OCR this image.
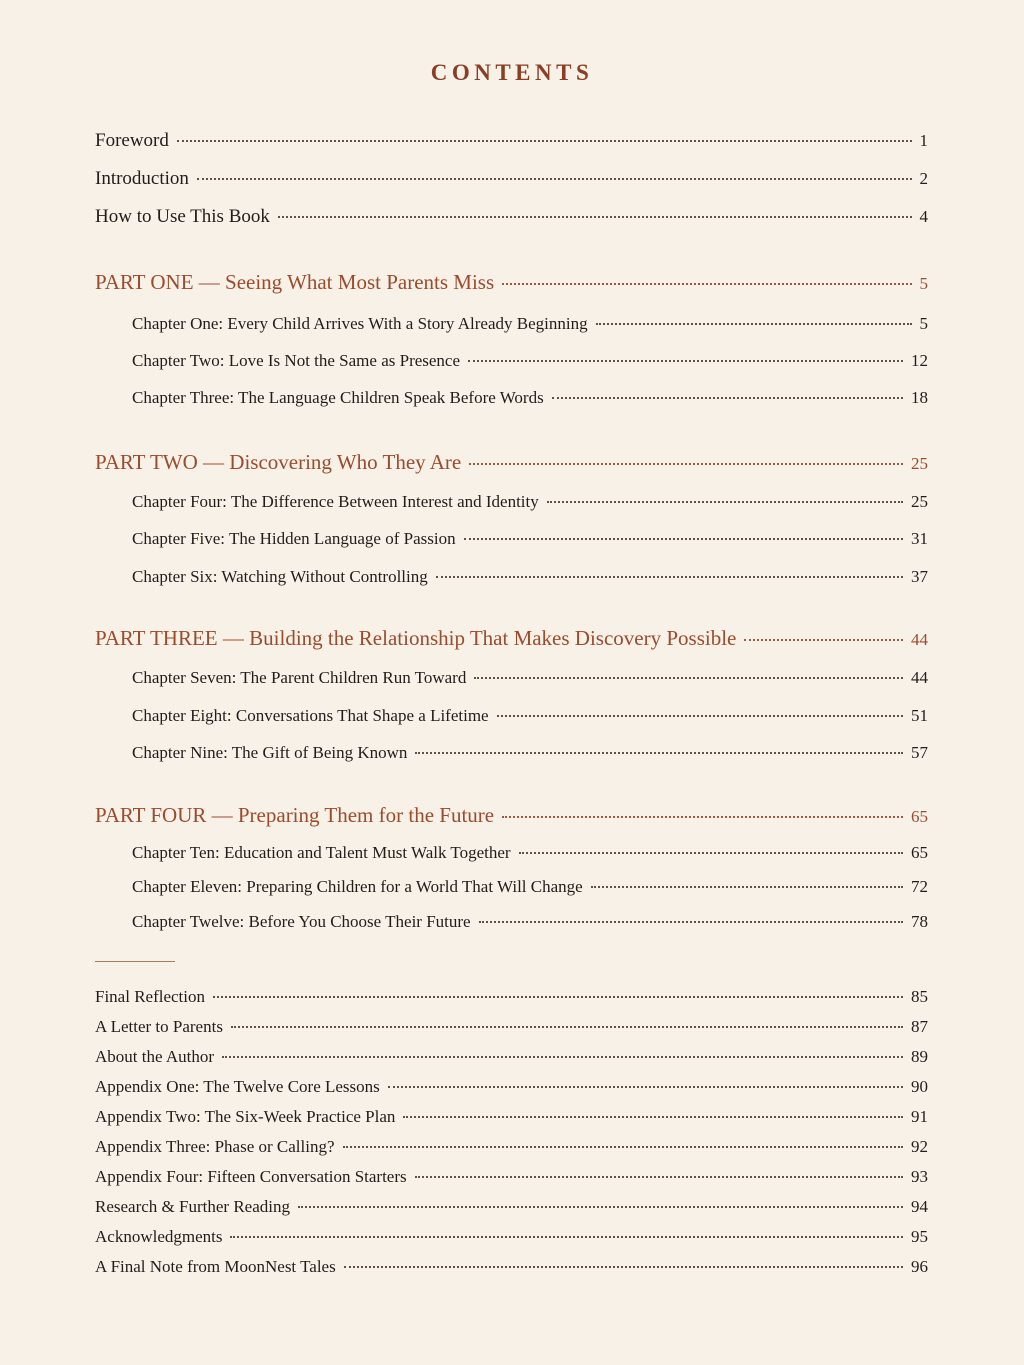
CONTENTS
Foreword	1
Introduction	2
How to Use This Book	4
PART ONE — Seeing What Most Parents Miss	5
Chapter One: Every Child Arrives With a Story Already Beginning	5
Chapter Two: Love Is Not the Same as Presence	12
Chapter Three: The Language Children Speak Before Words	18
PART TWO — Discovering Who They Are	25
Chapter Four: The Difference Between Interest and Identity	25
Chapter Five: The Hidden Language of Passion	31
Chapter Six: Watching Without Controlling	37
PART THREE — Building the Relationship That Makes Discovery Possible	44
Chapter Seven: The Parent Children Run Toward	44
Chapter Eight: Conversations That Shape a Lifetime	51
Chapter Nine: The Gift of Being Known	57
PART FOUR — Preparing Them for the Future	65
Chapter Ten: Education and Talent Must Walk Together	65
Chapter Eleven: Preparing Children for a World That Will Change	72
Chapter Twelve: Before You Choose Their Future	78
Final Reflection	85
A Letter to Parents	87
About the Author	89
Appendix One: The Twelve Core Lessons	90
Appendix Two: The Six-Week Practice Plan	91
Appendix Three: Phase or Calling?	92
Appendix Four: Fifteen Conversation Starters	93
Research & Further Reading	94
Acknowledgments	95
A Final Note from MoonNest Tales	96
